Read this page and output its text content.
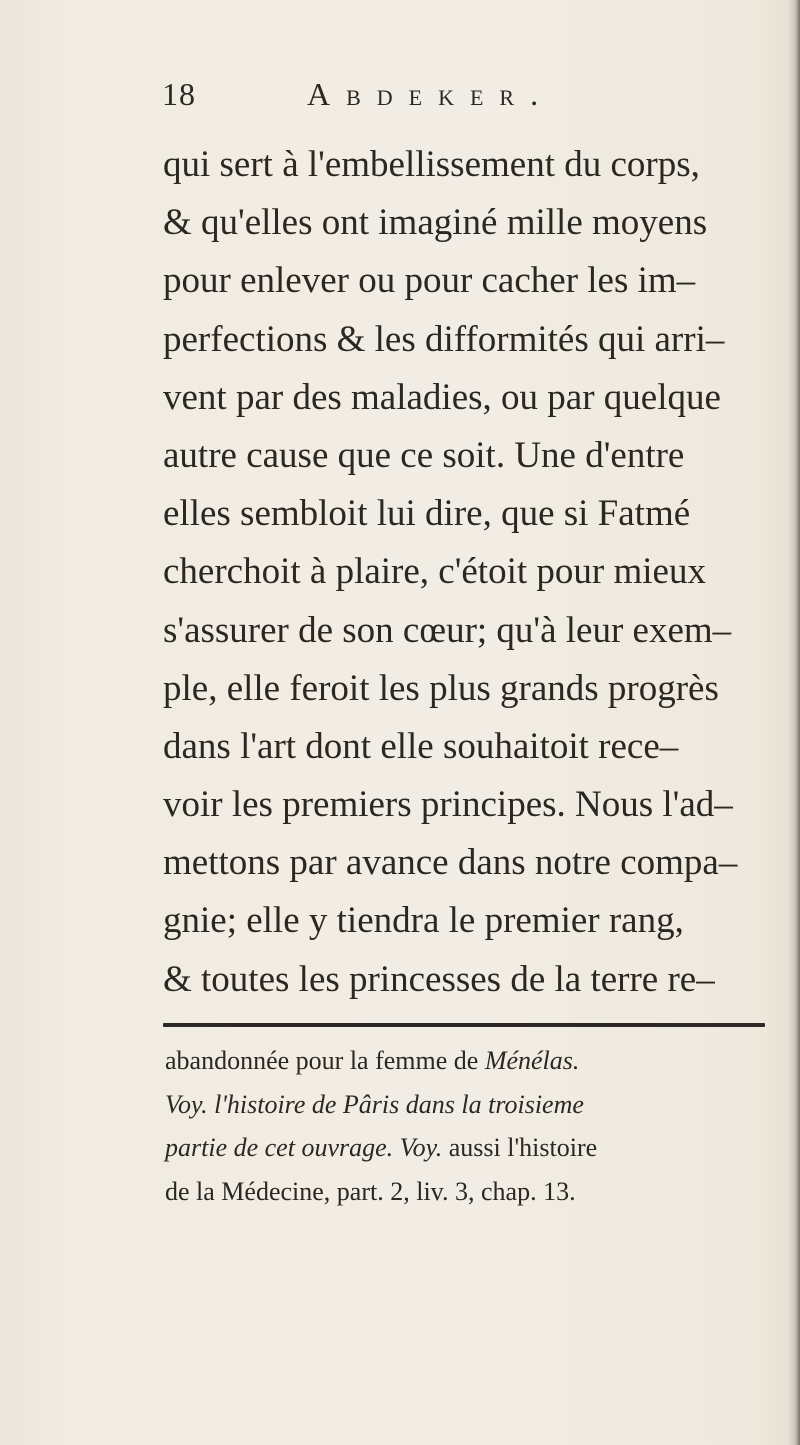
18	Abdeker.
qui sert à l'embellissement du corps,
& qu'elles ont imaginé mille moyens
pour enlever ou pour cacher les im–
perfections & les difformités qui arri–
vent par des maladies, ou par quelque
autre cause que ce soit. Une d'entre
elles sembloit lui dire, que si Fatmé
cherchoit à plaire, c'étoit pour mieux
s'assurer de son cœur; qu'à leur exem–
ple, elle feroit les plus grands progrès
dans l'art dont elle souhaitoit rece–
voir les premiers principes. Nous l'ad–
mettons par avance dans notre compa–
gnie; elle y tiendra le premier rang,
& toutes les princesses de la terre re–
abandonnée pour la femme de Ménélas.
Voy. l'histoire de Pâris dans la troisieme
partie de cet ouvrage. Voy. aussi l'histoire
de la Médecine, part. 2, liv. 3, chap. 13.
